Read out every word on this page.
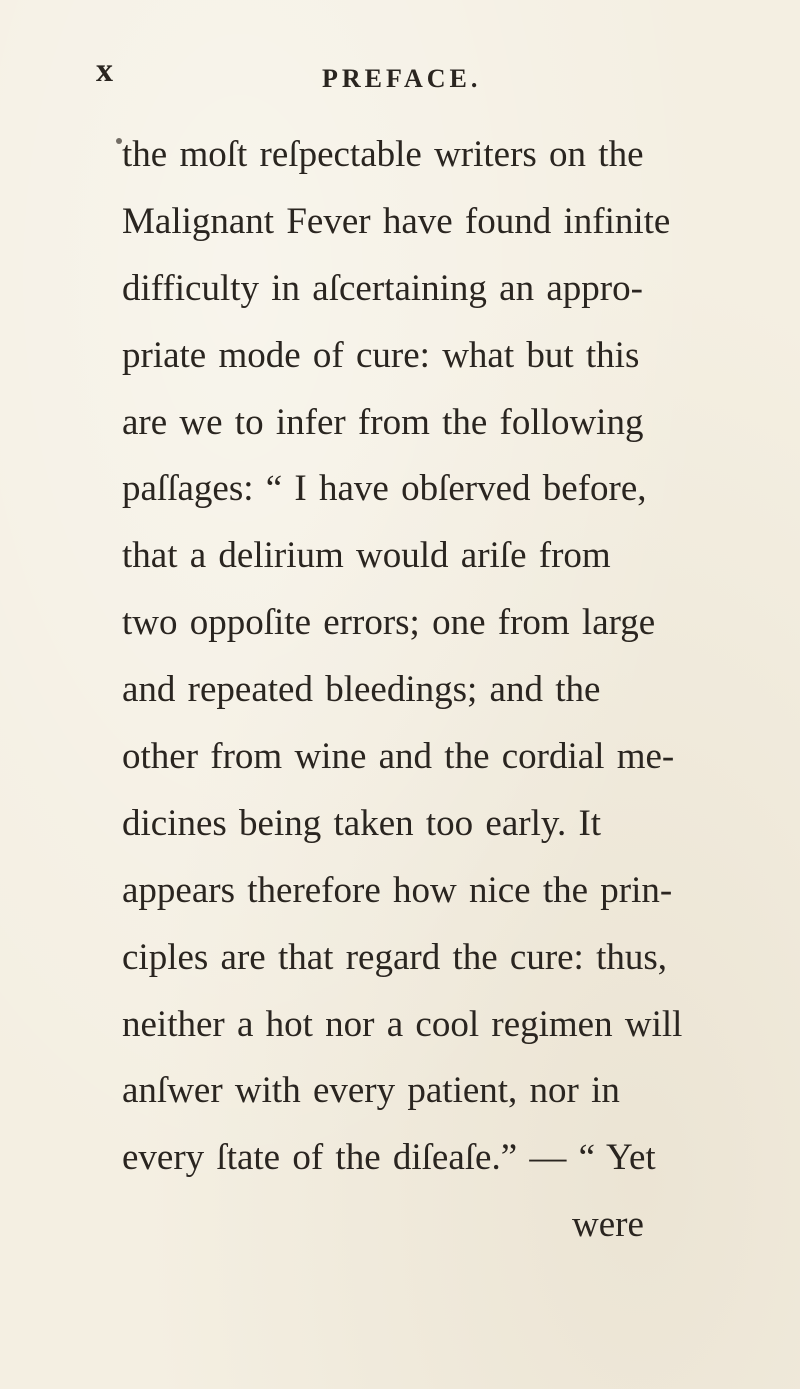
x	PREFACE.
the moſt reſpectable writers on the
Malignant Fever have found infinite
difficulty in aſcertaining an appro-
priate mode of cure: what but this
are we to infer from the following
paſſages: “ I have obſerved before,
that a delirium would ariſe from
two oppoſite errors; one from large
and repeated bleedings; and the
other from wine and the cordial me-
dicines being taken too early. It
appears therefore how nice the prin-
ciples are that regard the cure: thus,
neither a hot nor a cool regimen will
anſwer with every patient, nor in
every ſtate of the diſeaſe.” — “ Yet
were
